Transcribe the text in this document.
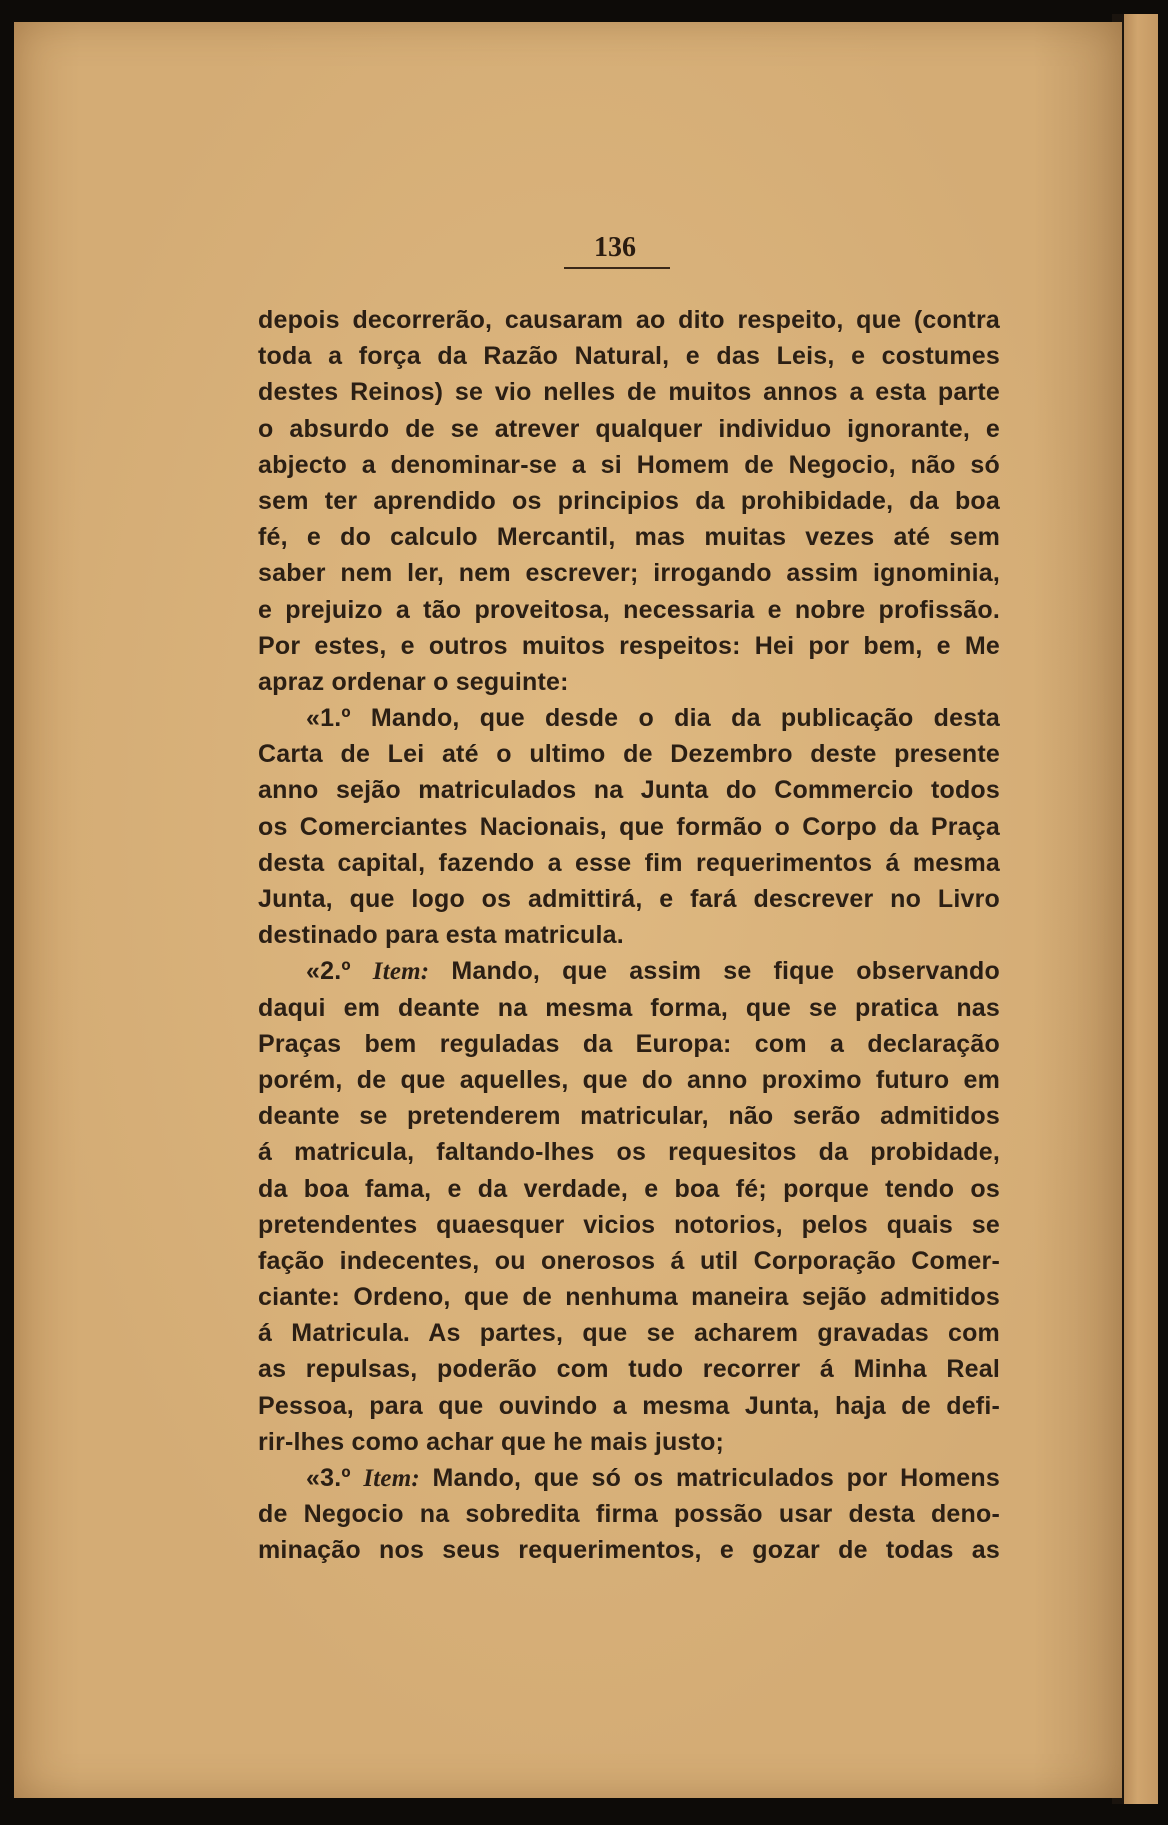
136
depois decorrerão, causaram ao dito respeito, que (contra
toda a força da Razão Natural, e das Leis, e costumes
destes Reinos) se vio nelles de muitos annos a esta parte
o absurdo de se atrever qualquer individuo ignorante, e
abjecto a denominar-se a si Homem de Negocio, não só
sem ter aprendido os principios da prohibidade, da boa
fé, e do calculo Mercantil, mas muitas vezes até sem
saber nem ler, nem escrever; irrogando assim ignominia,
e prejuizo a tão proveitosa, necessaria e nobre profissão.
Por estes, e outros muitos respeitos: Hei por bem, e Me
apraz ordenar o seguinte:
«1.º Mando, que desde o dia da publicação desta
Carta de Lei até o ultimo de Dezembro deste presente
anno sejão matriculados na Junta do Commercio todos
os Comerciantes Nacionais, que formão o Corpo da Praça
desta capital, fazendo a esse fim requerimentos á mesma
Junta, que logo os admittirá, e fará descrever no Livro
destinado para esta matricula.
«2.º Item: Mando, que assim se fique observando
daqui em deante na mesma forma, que se pratica nas
Praças bem reguladas da Europa: com a declaração
porém, de que aquelles, que do anno proximo futuro em
deante se pretenderem matricular, não serão admitidos
á matricula, faltando-lhes os requesitos da probidade,
da boa fama, e da verdade, e boa fé; porque tendo os
pretendentes quaesquer vicios notorios, pelos quais se
fação indecentes, ou onerosos á util Corporação Comer-
ciante: Ordeno, que de nenhuma maneira sejão admitidos
á Matricula. As partes, que se acharem gravadas com
as repulsas, poderão com tudo recorrer á Minha Real
Pessoa, para que ouvindo a mesma Junta, haja de defi-
rir-lhes como achar que he mais justo;
«3.º Item: Mando, que só os matriculados por Homens
de Negocio na sobredita firma possão usar desta deno-
minação nos seus requerimentos, e gozar de todas as
